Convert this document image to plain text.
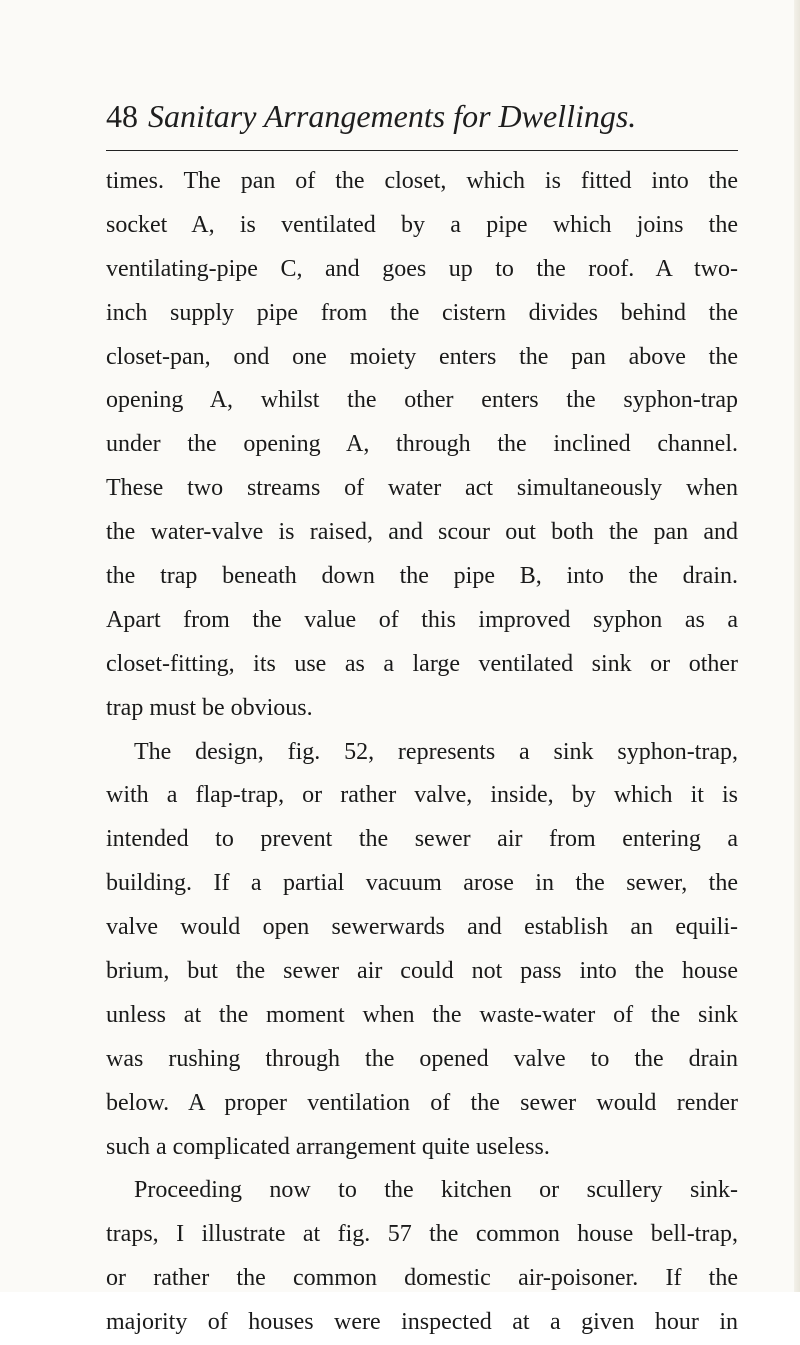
48 Sanitary Arrangements for Dwellings.
times. The pan of the closet, which is fitted into the
socket A, is ventilated by a pipe which joins the
ventilating-pipe C, and goes up to the roof. A two-
inch supply pipe from the cistern divides behind the
closet-pan, ond one moiety enters the pan above the
opening A, whilst the other enters the syphon-trap
under the opening A, through the inclined channel.
These two streams of water act simultaneously when
the water-valve is raised, and scour out both the pan and
the trap beneath down the pipe B, into the drain.
Apart from the value of this improved syphon as a
closet-fitting, its use as a large ventilated sink or other
trap must be obvious.
The design, fig. 52, represents a sink syphon-trap,
with a flap-trap, or rather valve, inside, by which it is
intended to prevent the sewer air from entering a
building. If a partial vacuum arose in the sewer, the
valve would open sewerwards and establish an equili-
brium, but the sewer air could not pass into the house
unless at the moment when the waste-water of the sink
was rushing through the opened valve to the drain
below. A proper ventilation of the sewer would render
such a complicated arrangement quite useless.
Proceeding now to the kitchen or scullery sink-
traps, I illustrate at fig. 57 the common house bell-trap,
or rather the common domestic air-poisoner. If the
majority of houses were inspected at a given hour in
